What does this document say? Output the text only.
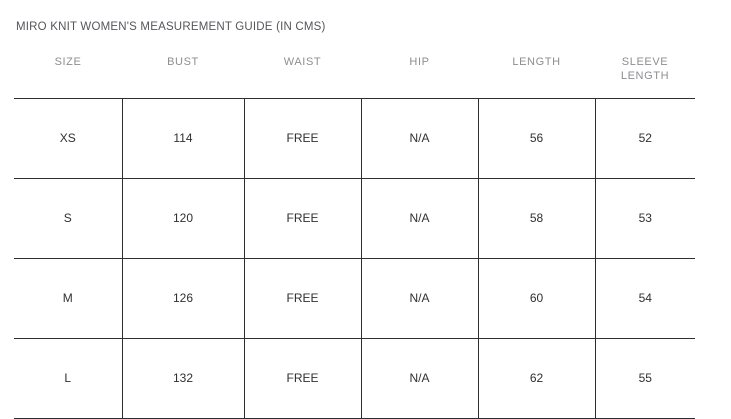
MIRO KNIT WOMEN'S MEASUREMENT GUIDE (IN CMS)
SIZE	BUST	WAIST	HIP	LENGTH	SLEEVE LENGTH
XS	114	FREE	N/A	56	52
S	120	FREE	N/A	58	53
M	126	FREE	N/A	60	54
L	132	FREE	N/A	62	55
